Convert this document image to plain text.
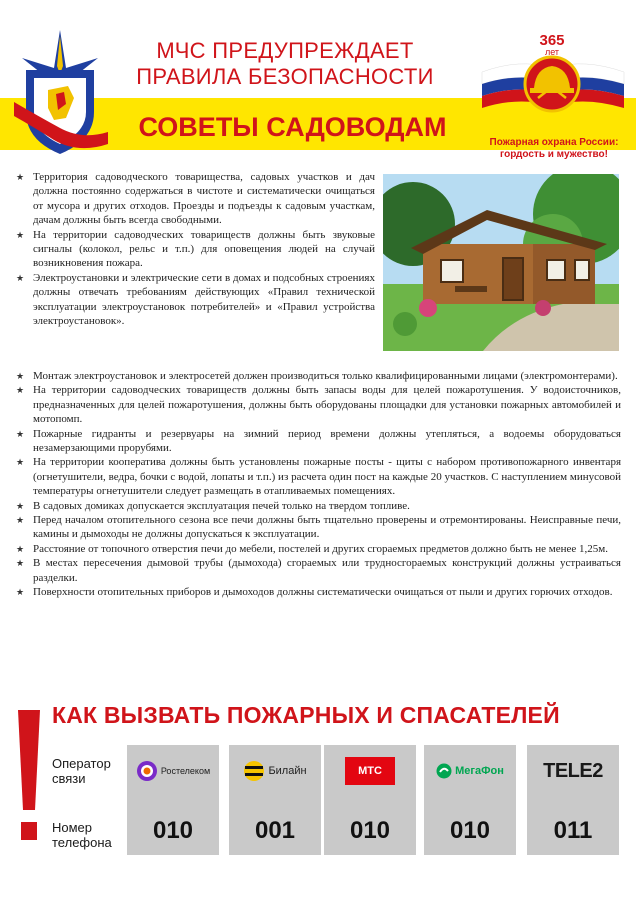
МЧС ПРЕДУПРЕЖДАЕТ
ПРАВИЛА БЕЗОПАСНОСТИ
СОВЕТЫ САДОВОДАМ
365
лет
Пожарная охрана России:
гордость и мужество!
★ Территория садоводческого товарищества, садовых участков и дач должна постоянно содержаться в чистоте и систематически очищаться от мусора и других отходов. Проезды и подъезды к садовым участкам, дачам должны быть всегда свободными.
★ На территории садоводческих товариществ должны быть звуковые сигналы (колокол, рельс и т.п.) для оповещения людей на случай возникновения пожара.
★ Электроустановки и электрические сети в домах и подсобных строениях должны отвечать требованиям действующих «Правил технической эксплуатации электроустановок потребителей» и «Правил устройства электроустановок».
★ Монтаж электроустановок и электросетей должен производиться только квалифицированными лицами (электромонтерами).
★ На территории садоводческих товариществ должны быть запасы воды для целей пожаротушения. У водоисточников, предназначенных для целей пожаротушения, должны быть оборудованы площадки для установки пожарных автомобилей и мотопомп.
★ Пожарные гидранты и резервуары на зимний период времени должны утепляться, а водоемы оборудоваться незамерзающими прорубями.
★ На территории кооператива должны быть установлены пожарные посты - щиты с набором противопожарного инвентаря (огнетушители, ведра, бочки с водой, лопаты и т.п.) из расчета один пост на каждые 20 участков. С наступлением минусовой температуры огнетушители следует размещать в отапливаемых помещениях.
★ В садовых домиках допускается эксплуатация печей только на твердом топливе.
★ Перед началом отопительного сезона все печи должны быть тщательно проверены и отремонтированы. Неисправные печи, камины и дымоходы не должны допускаться к эксплуатации.
★ Расстояние от топочного отверстия печи до мебели, постелей и других сгораемых предметов должно быть не менее 1,25м.
★ В местах пересечения дымовой трубы (дымохода) сгораемых или трудносгораемых конструкций должны устраиваться разделки.
★ Поверхности отопительных приборов и дымоходов должны систематически очищаться от пыли и других горючих отходов.
КАК ВЫЗВАТЬ ПОЖАРНЫХ И СПАСАТЕЛЕЙ
Оператор
связи
Номер
телефона
Ростелеком
010
Билайн
001
МТС
010
МегаФон
010
TELE2
011
